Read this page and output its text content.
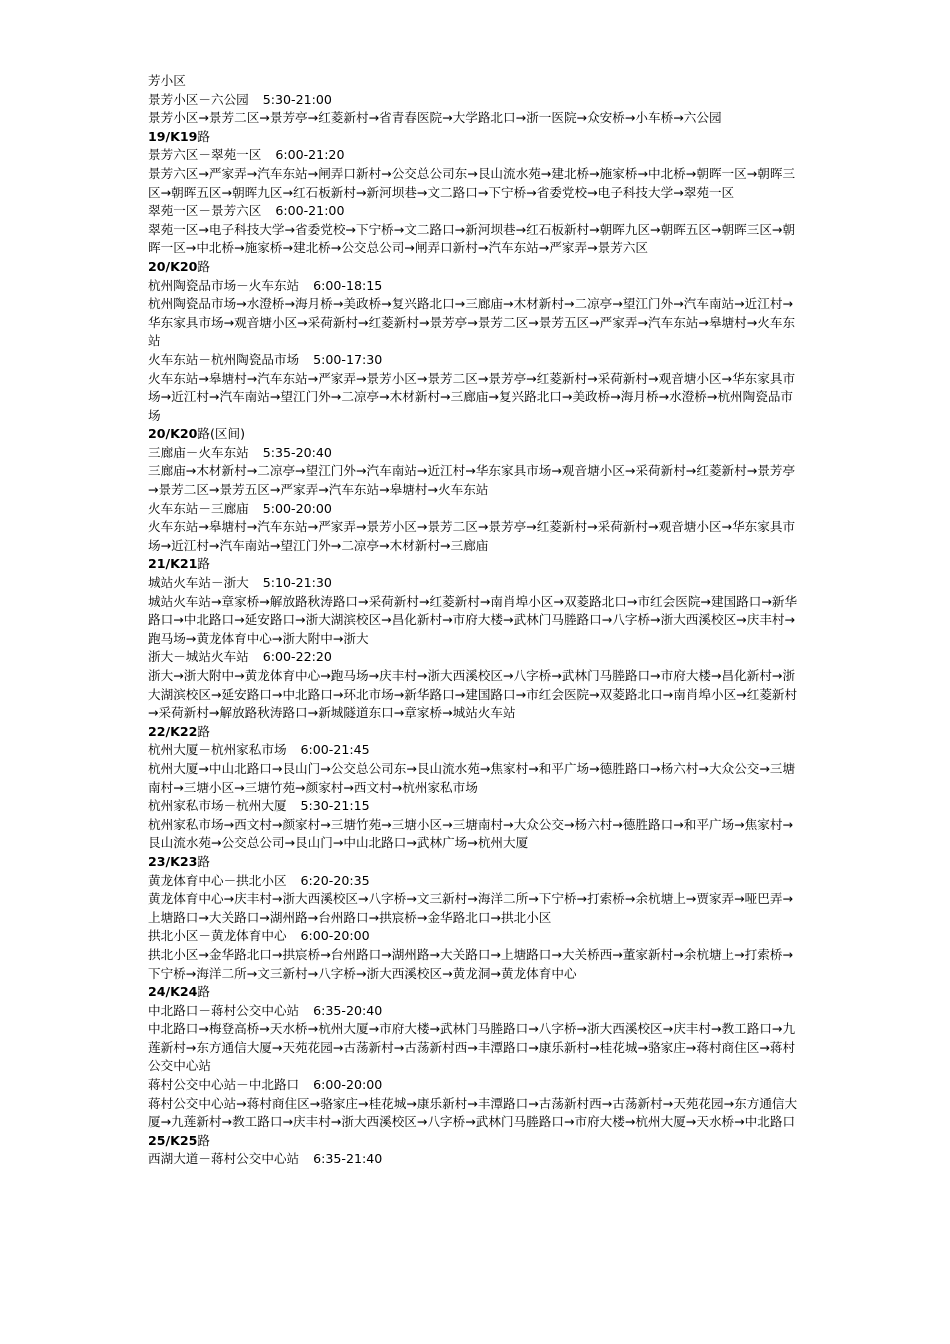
芳小区
景芳小区－六公园 5:30-21:00
景芳小区→景芳二区→景芳亭→红菱新村→省青春医院→大学路北口→浙一医院→众安桥→小车桥→六公园
19/K19路
景芳六区－翠苑一区 6:00-21:20
景芳六区→严家弄→汽车东站→闸弄口新村→公交总公司东→艮山流水苑→建北桥→施家桥→中北桥→朝晖一区→朝晖三区→朝晖五区→朝晖九区→红石板新村→新河坝巷→文二路口→下宁桥→省委党校→电子科技大学→翠苑一区
翠苑一区－景芳六区 6:00-21:00
翠苑一区→电子科技大学→省委党校→下宁桥→文二路口→新河坝巷→红石板新村→朝晖九区→朝晖五区→朝晖三区→朝晖一区→中北桥→施家桥→建北桥→公交总公司→闸弄口新村→汽车东站→严家弄→景芳六区
20/K20路
杭州陶瓷品市场－火车东站 6:00-18:15
杭州陶瓷品市场→水澄桥→海月桥→美政桥→复兴路北口→三廊庙→木材新村→二凉亭→望江门外→汽车南站→近江村→华东家具市场→观音塘小区→采荷新村→红菱新村→景芳亭→景芳二区→景芳五区→严家弄→汽车东站→皋塘村→火车东站
火车东站－杭州陶瓷品市场 5:00-17:30
火车东站→皋塘村→汽车东站→严家弄→景芳小区→景芳二区→景芳亭→红菱新村→采荷新村→观音塘小区→华东家具市场→近江村→汽车南站→望江门外→二凉亭→木材新村→三廊庙→复兴路北口→美政桥→海月桥→水澄桥→杭州陶瓷品市场
20/K20路(区间)
三廊庙－火车东站 5:35-20:40
三廊庙→木材新村→二凉亭→望江门外→汽车南站→近江村→华东家具市场→观音塘小区→采荷新村→红菱新村→景芳亭→景芳二区→景芳五区→严家弄→汽车东站→皋塘村→火车东站
火车东站－三廊庙 5:00-20:00
火车东站→皋塘村→汽车东站→严家弄→景芳小区→景芳二区→景芳亭→红菱新村→采荷新村→观音塘小区→华东家具市场→近江村→汽车南站→望江门外→二凉亭→木材新村→三廊庙
21/K21路
城站火车站－浙大 5:10-21:30
城站火车站→章家桥→解放路秋涛路口→采荷新村→红菱新村→南肖埠小区→双菱路北口→市红会医院→建国路口→新华路口→中北路口→延安路口→浙大湖滨校区→昌化新村→市府大楼→武林门马塍路口→八字桥→浙大西溪校区→庆丰村→跑马场→黄龙体育中心→浙大附中→浙大
浙大－城站火车站 6:00-22:20
浙大→浙大附中→黄龙体育中心→跑马场→庆丰村→浙大西溪校区→八字桥→武林门马塍路口→市府大楼→昌化新村→浙大湖滨校区→延安路口→中北路口→环北市场→新华路口→建国路口→市红会医院→双菱路北口→南肖埠小区→红菱新村→采荷新村→解放路秋涛路口→新城隧道东口→章家桥→城站火车站
22/K22路
杭州大厦－杭州家私市场 6:00-21:45
杭州大厦→中山北路口→艮山门→公交总公司东→艮山流水苑→焦家村→和平广场→德胜路口→杨六村→大众公交→三塘南村→三塘小区→三塘竹苑→颜家村→西文村→杭州家私市场
杭州家私市场－杭州大厦 5:30-21:15
杭州家私市场→西文村→颜家村→三塘竹苑→三塘小区→三塘南村→大众公交→杨六村→德胜路口→和平广场→焦家村→艮山流水苑→公交总公司→艮山门→中山北路口→武林广场→杭州大厦
23/K23路
黄龙体育中心－拱北小区 6:20-20:35
黄龙体育中心→庆丰村→浙大西溪校区→八字桥→文三新村→海洋二所→下宁桥→打索桥→余杭塘上→贾家弄→哑巴弄→上塘路口→大关路口→湖州路→台州路口→拱宸桥→金华路北口→拱北小区
拱北小区－黄龙体育中心 6:00-20:00
拱北小区→金华路北口→拱宸桥→台州路口→湖州路→大关路口→上塘路口→大关桥西→董家新村→余杭塘上→打索桥→下宁桥→海洋二所→文三新村→八字桥→浙大西溪校区→黄龙洞→黄龙体育中心
24/K24路
中北路口－蒋村公交中心站 6:35-20:40
中北路口→梅登高桥→天水桥→杭州大厦→市府大楼→武林门马塍路口→八字桥→浙大西溪校区→庆丰村→教工路口→九莲新村→东方通信大厦→天苑花园→古荡新村→古荡新村西→丰潭路口→康乐新村→桂花城→骆家庄→蒋村商住区→蒋村公交中心站
蒋村公交中心站－中北路口 6:00-20:00
蒋村公交中心站→蒋村商住区→骆家庄→桂花城→康乐新村→丰潭路口→古荡新村西→古荡新村→天苑花园→东方通信大厦→九莲新村→教工路口→庆丰村→浙大西溪校区→八字桥→武林门马塍路口→市府大楼→杭州大厦→天水桥→中北路口
25/K25路
西湖大道－蒋村公交中心站 6:35-21:40
